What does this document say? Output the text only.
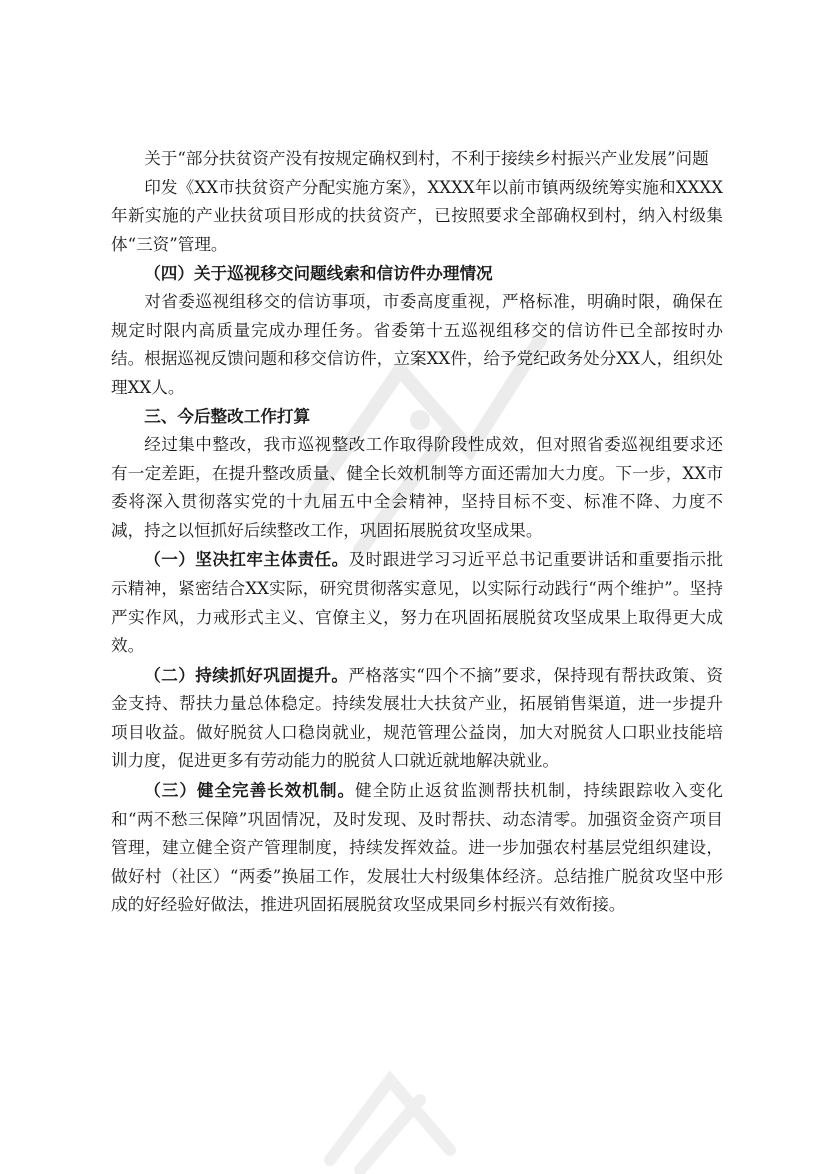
关于“部分扶贫资产没有按规定确权到村，不利于接续乡村振兴产业发展”问题

印发《XX市扶贫资产分配实施方案》，XXXX年以前市镇两级统筹实施和XXXX年新实施的产业扶贫项目形成的扶贫资产，已按照要求全部确权到村，纳入村级集体“三资”管理。

（四）关于巡视移交问题线索和信访件办理情况

对省委巡视组移交的信访事项，市委高度重视，严格标准，明确时限，确保在规定时限内高质量完成办理任务。省委第十五巡视组移交的信访件已全部按时办结。根据巡视反馈问题和移交信访件，立案XX件，给予党纪政务处分XX人，组织处理XX人。

三、今后整改工作打算

经过集中整改，我市巡视整改工作取得阶段性成效，但对照省委巡视组要求还有一定差距，在提升整改质量、健全长效机制等方面还需加大力度。下一步，XX市委将深入贯彻落实党的十九届五中全会精神，坚持目标不变、标准不降、力度不减，持之以恒抓好后续整改工作，巩固拓展脱贫攻坚成果。

（一）坚决扛牢主体责任。及时跟进学习习近平总书记重要讲话和重要指示批示精神，紧密结合XX实际，研究贯彻落实意见，以实际行动践行“两个维护”。坚持严实作风，力戒形式主义、官僚主义，努力在巩固拓展脱贫攻坚成果上取得更大成效。

（二）持续抓好巩固提升。严格落实“四个不摘”要求，保持现有帮扶政策、资金支持、帮扶力量总体稳定。持续发展壮大扶贫产业，拓展销售渠道，进一步提升项目收益。做好脱贫人口稳岗就业，规范管理公益岗，加大对脱贫人口职业技能培训力度，促进更多有劳动能力的脱贫人口就近就地解决就业。

（三）健全完善长效机制。健全防止返贫监测帮扶机制，持续跟踪收入变化和“两不愁三保障”巩固情况，及时发现、及时帮扶、动态清零。加强资金资产项目管理，建立健全资产管理制度，持续发挥效益。进一步加强农村基层党组织建设，做好村（社区）“两委”换届工作，发展壮大村级集体经济。总结推广脱贫攻坚中形成的好经验好做法，推进巩固拓展脱贫攻坚成果同乡村振兴有效衔接。
